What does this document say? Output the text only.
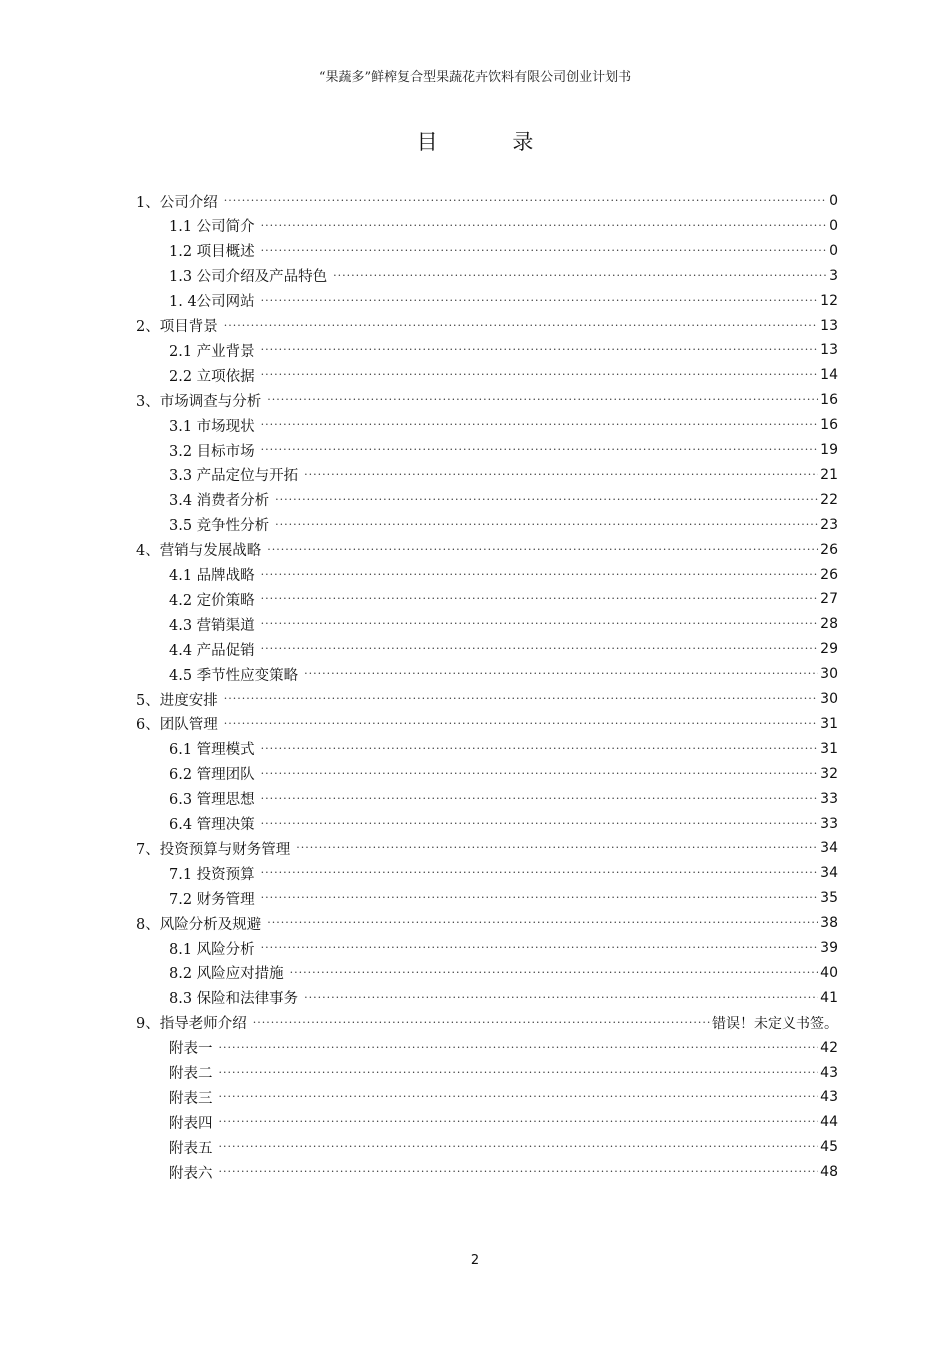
“果蔬多”鲜榨复合型果蔬花卉饮料有限公司创业计划书
目 录
1、公司介绍 ·····	0
1.1 公司简介 ·····	0
1.2 项目概述 ·····	0
1.3 公司介绍及产品特色 ·····	3
1. 4公司网站 ·····	12
2、项目背景 ·····	13
2.1 产业背景 ·····	13
2.2 立项依据 ·····	14
3、市场调查与分析 ·····	16
3.1 市场现状 ·····	16
3.2 目标市场 ·····	19
3.3 产品定位与开拓 ·····	21
3.4 消费者分析 ·····	22
3.5 竞争性分析 ·····	23
4、营销与发展战略 ·····	26
4.1 品牌战略 ·····	26
4.2 定价策略 ·····	27
4.3 营销渠道 ·····	28
4.4 产品促销 ·····	29
4.5 季节性应变策略 ·····	30
5、进度安排 ·····	30
6、团队管理 ·····	31
6.1 管理模式 ·····	31
6.2 管理团队 ·····	32
6.3 管理思想 ·····	33
6.4 管理决策 ·····	33
7、投资预算与财务管理 ·····	34
7.1 投资预算 ·····	34
7.2 财务管理 ·····	35
8、风险分析及规避 ·····	38
8.1 风险分析 ·····	39
8.2 风险应对措施 ·····	40
8.3 保险和法律事务 ·····	41
9、指导老师介绍 ·····	错误！未定义书签。
附表一 ·····	42
附表二 ·····	43
附表三 ·····	43
附表四 ·····	44
附表五 ·····	45
附表六 ·····	48
2
